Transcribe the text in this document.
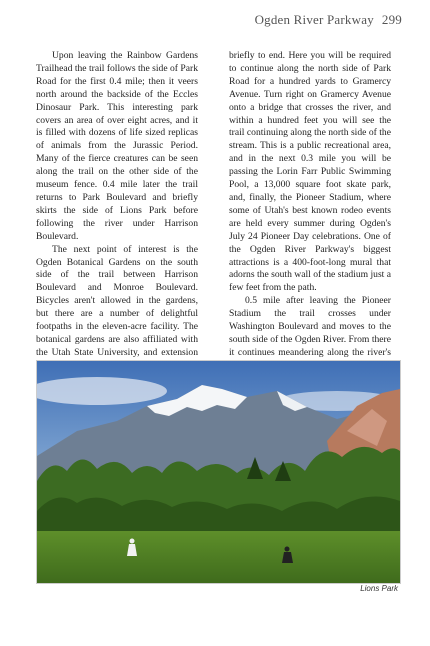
Ogden River Parkway 299

Upon leaving the Rainbow Gardens Trailhead the trail follows the side of Park Road for the first 0.4 mile; then it veers north around the backside of the Eccles Dinosaur Park. This interesting park covers an area of over eight acres, and it is filled with dozens of life sized replicas of animals from the Jurassic Period. Many of the fierce creatures can be seen along the trail on the other side of the museum fence. 0.4 mile later the trail returns to Park Boulevard and briefly skirts the side of Lions Park before following the river under Harrison Boulevard.

The next point of interest is the Ogden Botanical Gardens on the south side of the trail between Harrison Boulevard and Monroe Boulevard. Bicycles aren't allowed in the gardens, but there are a number of delightful footpaths in the eleven-acre facility. The botanical gardens are also affiliated with the Utah State University, and extension

briefly to end. Here you will be required to continue along the north side of Park Road for a hundred yards to Gramercy Avenue. Turn right on Gramercy Avenue onto a bridge that crosses the river, and within a hundred feet you will see the trail continuing along the north side of the stream. This is a public recreational area, and in the next 0.3 mile you will be passing the Lorin Farr Public Swimming Pool, a 13,000 square foot skate park, and, finally, the Pioneer Stadium, where some of Utah's best known rodeo events are held every summer during Ogden's July 24 Pioneer Day celebrations. One of the Ogden River Parkway's biggest attractions is a 400-foot-long mural that adorns the south wall of the stadium just a few feet from the path.

0.5 mile after leaving the Pioneer Stadium the trail crosses under Washington Boulevard and moves to the south side of the Ogden River. From there it continues meandering along the river's

Lions Park
